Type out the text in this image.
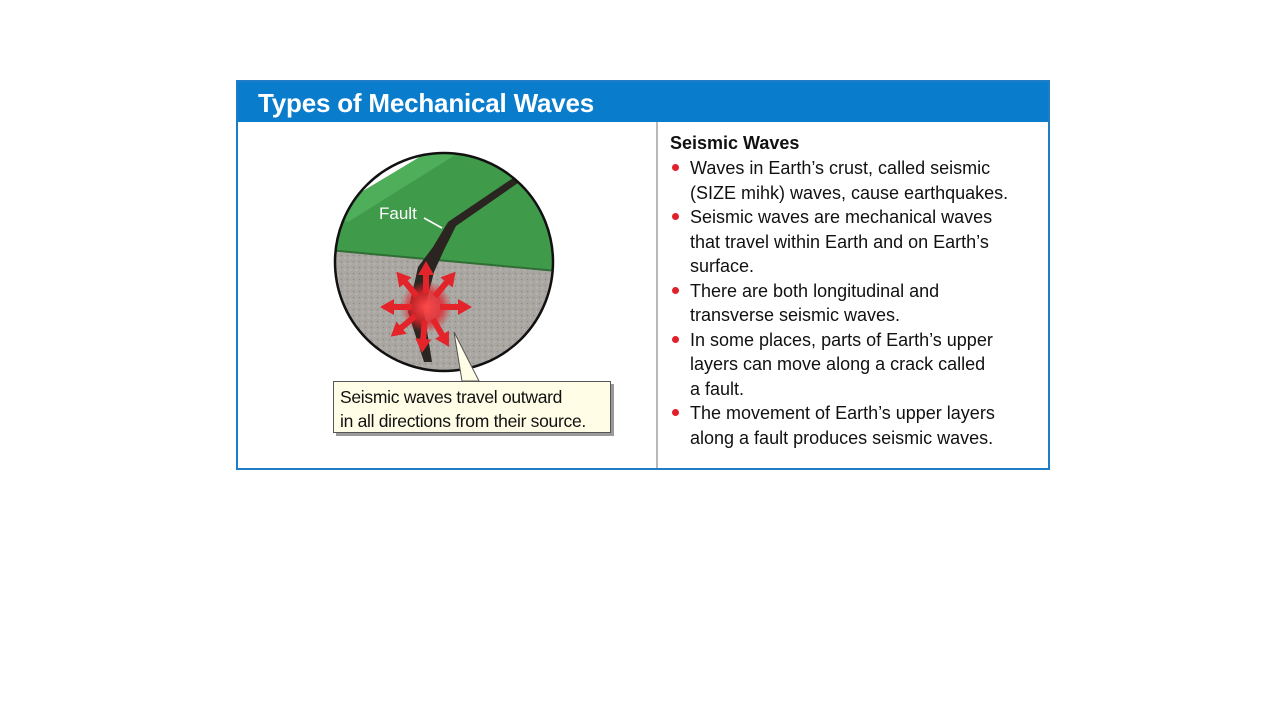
Types of Mechanical Waves
Fault
Seismic waves travel outward
in all directions from their source.
Seismic Waves
Waves in Earth’s crust, called seismic
(SIZE mihk) waves, cause earthquakes.
Seismic waves are mechanical waves
that travel within Earth and on Earth’s
surface.
There are both longitudinal and
transverse seismic waves.
In some places, parts of Earth’s upper
layers can move along a crack called
a fault.
The movement of Earth’s upper layers
along a fault produces seismic waves.
